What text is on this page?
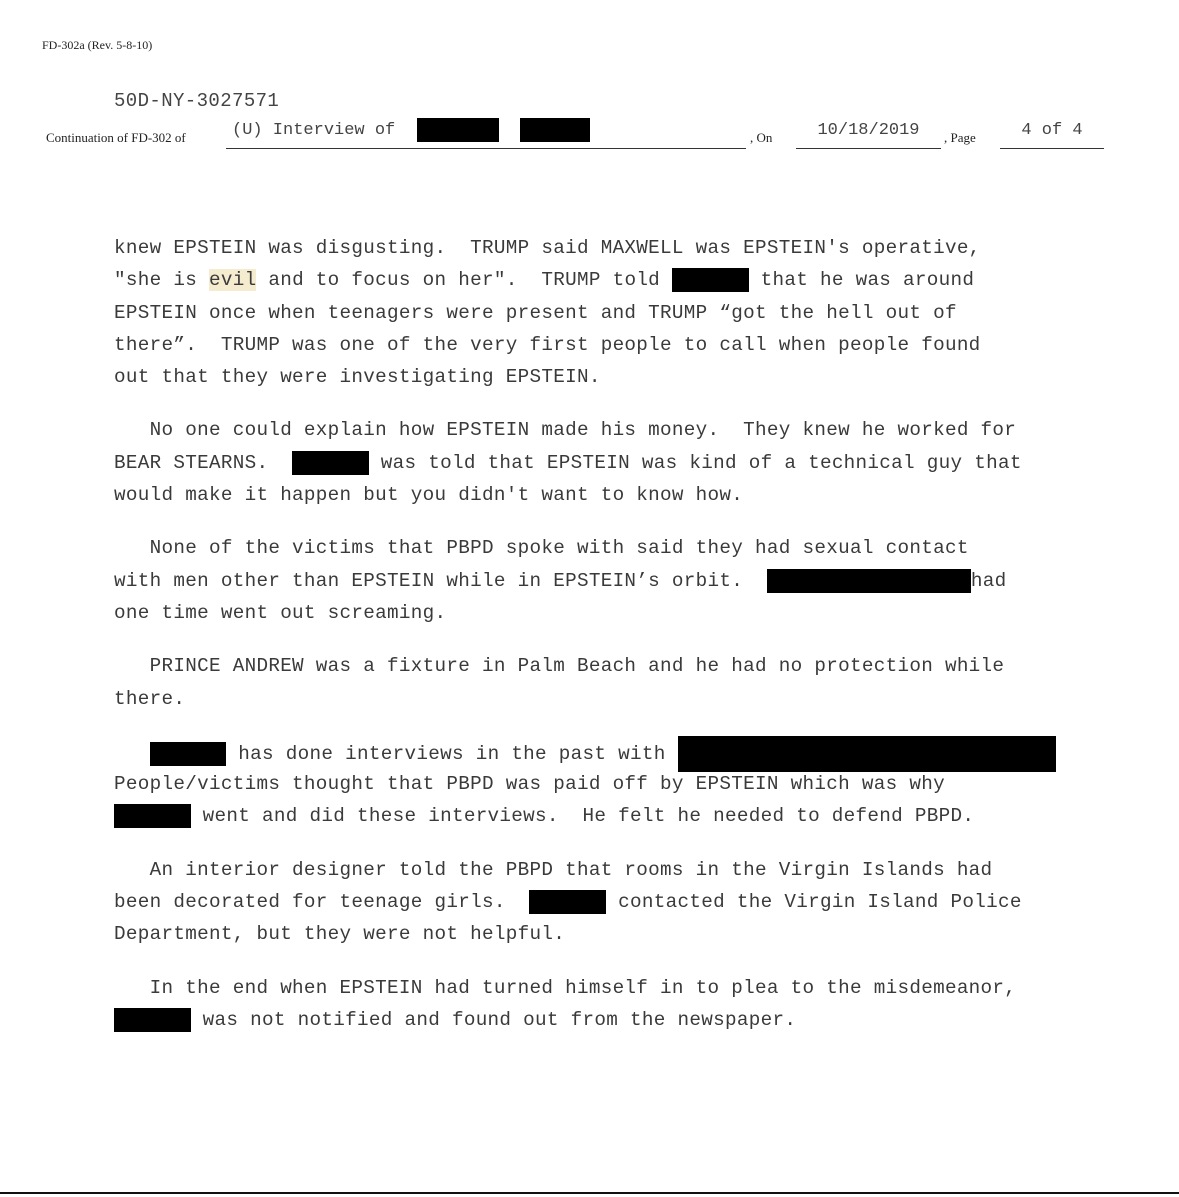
FD-302a (Rev. 5-8-10)
50D-NY-3027571
Continuation of FD-302 of	(U) Interview of	, On	10/18/2019	, Page	4 of 4
knew EPSTEIN was disgusting.  TRUMP said MAXWELL was EPSTEIN's operative,
"she is evil and to focus on her".  TRUMP told	that he was around
EPSTEIN once when teenagers were present and TRUMP “got the hell out of
there”.  TRUMP was one of the very first people to call when people found
out that they were investigating EPSTEIN.
No one could explain how EPSTEIN made his money.  They knew he worked for
BEAR STEARNS.	was told that EPSTEIN was kind of a technical guy that
would make it happen but you didn't want to know how.
None of the victims that PBPD spoke with said they had sexual contact
with men other than EPSTEIN while in EPSTEIN’s orbit.	had
one time went out screaming.
PRINCE ANDREW was a fixture in Palm Beach and he had no protection while
there.
has done interviews in the past with
People/victims thought that PBPD was paid off by EPSTEIN which was why
went and did these interviews.  He felt he needed to defend PBPD.
An interior designer told the PBPD that rooms in the Virgin Islands had
been decorated for teenage girls.	contacted the Virgin Island Police
Department, but they were not helpful.
In the end when EPSTEIN had turned himself in to plea to the misdemeanor,
was not notified and found out from the newspaper.
